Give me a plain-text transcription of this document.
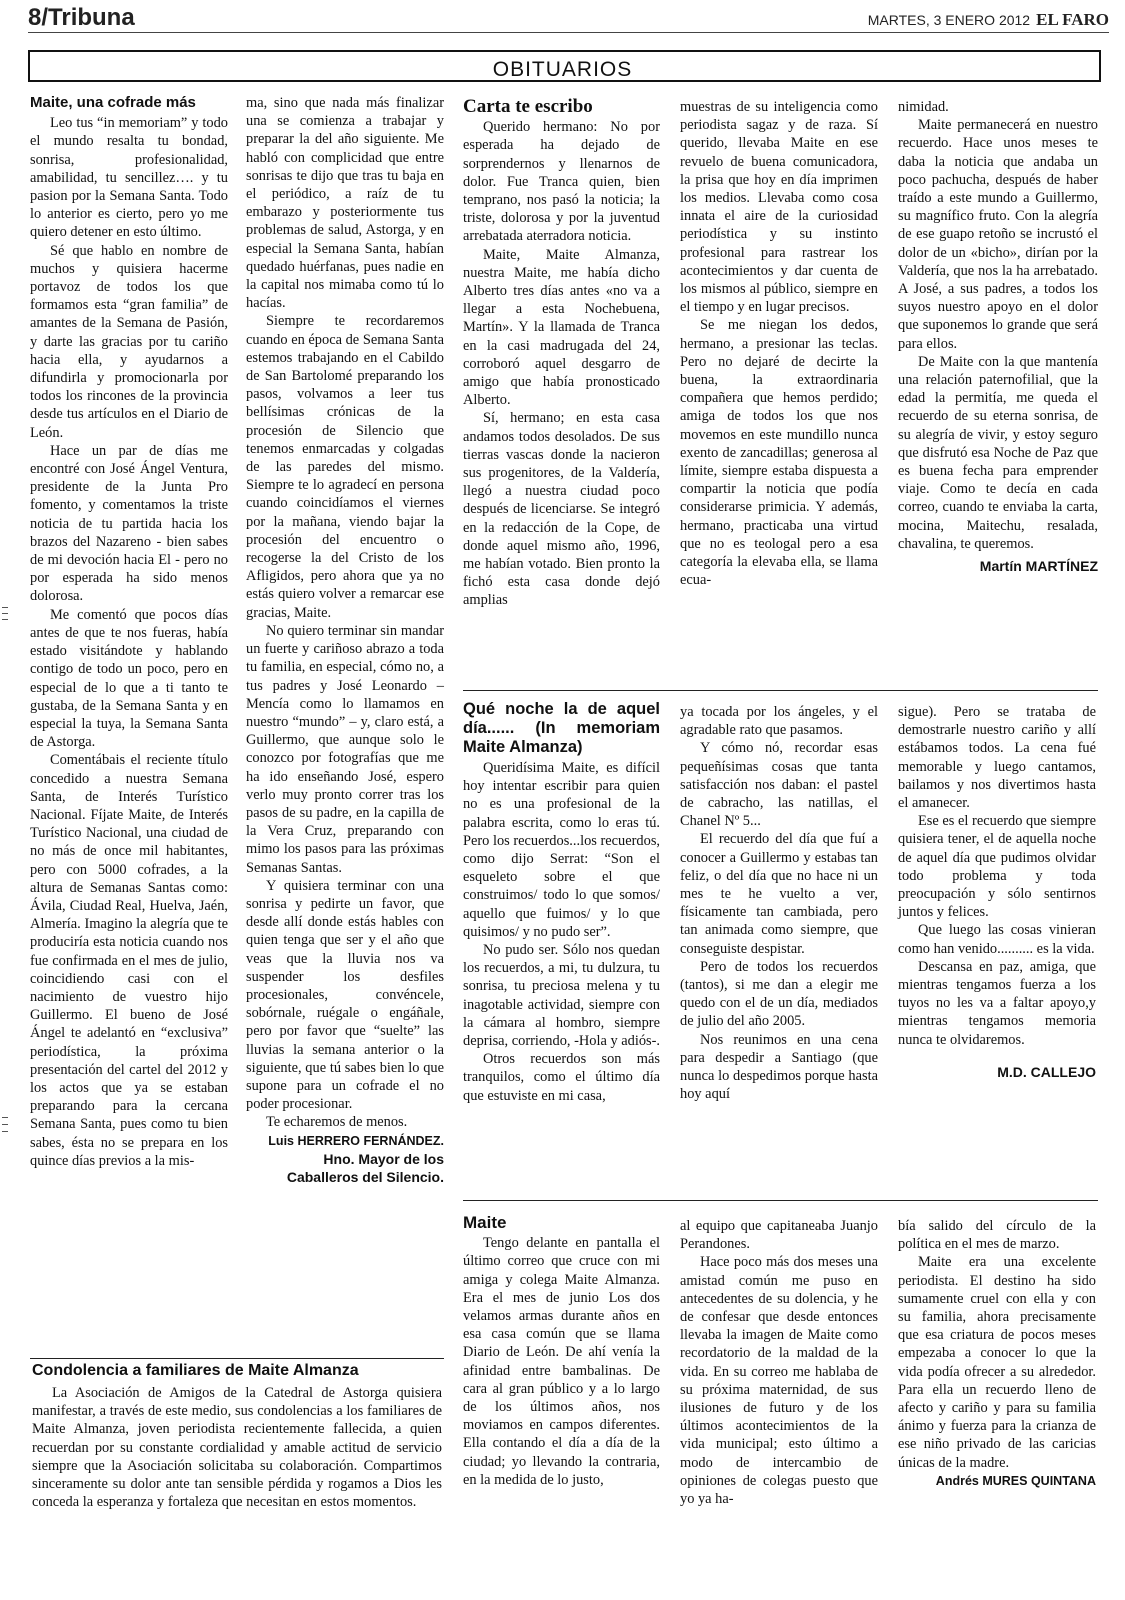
8/Tribuna	MARTES, 3 ENERO 2012 EL FARO
OBITUARIOS
Maite, una cofrade más

Leo tus “in memoriam” y todo el mundo resalta tu bondad, sonrisa, profesionalidad, amabilidad, tu sencillez…. y tu pasion por la Semana Santa. Todo lo anterior es cierto, pero yo me quiero detener en esto último.

Sé que hablo en nombre de muchos y quisiera hacerme portavoz de todos los que formamos esta “gran familia” de amantes de la Semana de Pasión, y darte las gracias por tu cariño hacia ella, y ayudarnos a difundirla y promocionarla por todos los rincones de la provincia desde tus artículos en el Diario de León.

Hace un par de días me encontré con José Ángel Ventura, presidente de la Junta Pro fomento, y comentamos la triste noticia de tu partida hacia los brazos del Nazareno - bien sabes de mi devoción hacia El - pero no por esperada ha sido menos dolorosa.

Me comentó que pocos días antes de que te nos fueras, había estado visitándote y hablando contigo de todo un poco, pero en especial de lo que a ti tanto te gustaba, de la Semana Santa y en especial la tuya, la Semana Santa de Astorga.

Comentábais el reciente título concedido a nuestra Semana Santa, de Interés Turístico Nacional. Fíjate Maite, de Interés Turístico Nacional, una ciudad de no más de once mil habitantes, pero con 5000 cofrades, a la altura de Semanas Santas como: Ávila, Ciudad Real, Huelva, Jaén, Almería. Imagino la alegría que te produciría esta noticia cuando nos fue confirmada en el mes de julio, coincidiendo casi con el nacimiento de vuestro hijo Guillermo. El bueno de José Ángel te adelantó en “exclusiva” periodística, la próxima presentación del cartel del 2012 y los actos que ya se estaban preparando para la cercana Semana Santa, pues como tu bien sabes, ésta no se prepara en los quince días previos a la mis-

ma, sino que nada más finalizar una se comienza a trabajar y preparar la del año siguiente. Me habló con complicidad que entre sonrisas te dijo que tras tu baja en el periódico, a raíz de tu embarazo y posteriormente tus problemas de salud, Astorga, y en especial la Semana Santa, habían quedado huérfanas, pues nadie en la capital nos mimaba como tú lo hacías.

Siempre te recordaremos cuando en época de Semana Santa estemos trabajando en el Cabildo de San Bartolomé preparando los pasos, volvamos a leer tus bellísimas crónicas de la procesión de Silencio que tenemos enmarcadas y colgadas de las paredes del mismo. Siempre te lo agradecí en persona cuando coincidíamos el viernes por la mañana, viendo bajar la procesión del encuentro o recogerse la del Cristo de los Afligidos, pero ahora que ya no estás quiero volver a remarcar ese gracias, Maite.

No quiero terminar sin mandar un fuerte y cariñoso abrazo a toda tu familia, en especial, cómo no, a tus padres y José Leonardo – Mencía como lo llamamos en nuestro “mundo” – y, claro está, a Guillermo, que aunque solo le conozco por fotografías que me ha ido enseñando José, espero verlo muy pronto correr tras los pasos de su padre, en la capilla de la Vera Cruz, preparando con mimo los pasos para las próximas Semanas Santas.

Y quisiera terminar con una sonrisa y pedirte un favor, que desde allí donde estás hables con quien tenga que ser y el año que veas que la lluvia nos va suspender los desfiles procesionales, convéncele, sobórnale, ruégale o engáñale, pero por favor que “suelte” las lluvias la semana anterior o la siguiente, que tú sabes bien lo que supone para un cofrade el no poder procesionar.

Te echaremos de menos.

Luis HERRERO FERNÁNDEZ.
Hno. Mayor de los
Caballeros del Silencio.
Condolencia a familiares de Maite Almanza

La Asociación de Amigos de la Catedral de Astorga quisiera manifestar, a través de este medio, sus condolencias a los familiares de Maite Almanza, joven periodista recientemente fallecida, a quien recuerdan por su constante cordialidad y amable actitud de servicio siempre que la Asociación solicitaba su colaboración. Compartimos sinceramente su dolor ante tan sensible pérdida y rogamos a Dios les conceda la esperanza y fortaleza que necesitan en estos momentos.

Carta te escribo

Querido hermano: No por esperada ha dejado de sorprendernos y llenarnos de dolor. Fue Tranca quien, bien temprano, nos pasó la noticia; la triste, dolorosa y por la juventud arrebatada aterradora noticia.

Maite, Maite Almanza, nuestra Maite, me había dicho Alberto tres días antes «no va a llegar a esta Nochebuena, Martín». Y la llamada de Tranca en la casi madrugada del 24, corroboró aquel desgarro de amigo que había pronosticado Alberto.

Sí, hermano; en esta casa andamos todos desolados. De sus tierras vascas donde la nacieron sus progenitores, de la Valdería, llegó a nuestra ciudad poco después de licenciarse. Se integró en la redacción de la Cope, de donde aquel mismo año, 1996, me habían votado. Bien pronto la fichó esta casa donde dejó amplias

muestras de su inteligencia como periodista sagaz y de raza. Sí querido, llevaba Maite en ese revuelo de buena comunicadora, la prisa que hoy en día imprimen los medios. Llevaba como cosa innata el aire de la curiosidad periodística y su instinto profesional para rastrear los acontecimientos y dar cuenta de los mismos al público, siempre en el tiempo y en lugar precisos.

Se me niegan los dedos, hermano, a presionar las teclas. Pero no dejaré de decirte la buena, la extraordinaria compañera que hemos perdido; amiga de todos los que nos movemos en este mundillo nunca exento de zancadillas; generosa al límite, siempre estaba dispuesta a compartir la noticia que podía considerarse primicia. Y además, hermano, practicaba una virtud que no es teologal pero a esa categoría la elevaba ella, se llama ecua-

nimidad.

Maite permanecerá en nuestro recuerdo. Hace unos meses te daba la noticia que andaba un poco pachucha, después de haber traído a este mundo a Guillermo, su magnífico fruto. Con la alegría de ese guapo retoño se incrustó el dolor de un «bicho», dirían por la Valdería, que nos la ha arrebatado. A José, a sus padres, a todos los suyos nuestro apoyo en el dolor que suponemos lo grande que será para ellos.

De Maite con la que mantenía una relación paternofilial, que la edad la permitía, me queda el recuerdo de su eterna sonrisa, de su alegría de vivir, y estoy seguro que disfrutó esa Noche de Paz que es buena fecha para emprender viaje. Como te decía en cada correo, cuando te enviaba la carta, mocina, Maitechu, resalada, chavalina, te queremos.

Martín MARTÍNEZ
Qué noche la de aquel día...... (In memoriam Maite Almanza)

Queridísima Maite, es difícil hoy intentar escribir para quien no es una profesional de la palabra escrita, como lo eras tú. Pero los recuerdos...los recuerdos, como dijo Serrat: “Son el esqueleto sobre el que construimos/ todo lo que somos/ aquello que fuimos/ y lo que quisimos/ y no pudo ser”.

No pudo ser. Sólo nos quedan los recuerdos, a mi, tu dulzura, tu sonrisa, tu preciosa melena y tu inagotable actividad, siempre con la cámara al hombro, siempre deprisa, corriendo, -Hola y adiós-.

Otros recuerdos son más tranquilos, como el último día que estuviste en mi casa,

ya tocada por los ángeles, y el agradable rato que pasamos.

Y cómo nó, recordar esas pequeñísimas cosas que tanta satisfacción nos daban: el pastel de cabracho, las natillas, el Chanel Nº 5...

El recuerdo del día que fuí a conocer a Guillermo y estabas tan feliz, o del día que no hace ni un mes te he vuelto a ver, físicamente tan cambiada, pero tan animada como siempre, que conseguiste despistar.

Pero de todos los recuerdos (tantos), si me dan a elegir me quedo con el de un día, mediados de julio del año 2005.

Nos reunimos en una cena para despedir a Santiago (que nunca lo despedimos porque hasta hoy aquí

sigue). Pero se trataba de demostrarle nuestro cariño y allí estábamos todos. La cena fué memorable y luego cantamos, bailamos y nos divertimos hasta el amanecer.

Ese es el recuerdo que siempre quisiera tener, el de aquella noche de aquel día que pudimos olvidar todo problema y toda preocupación y sólo sentirnos juntos y felices.

Que luego las cosas vinieran como han venido.......... es la vida.

Descansa en paz, amiga, que mientras tengamos fuerza a los tuyos no les va a faltar apoyo,y mientras tengamos memoria nunca te olvidaremos.

M.D. CALLEJO
Maite

Tengo delante en pantalla el último correo que cruce con mi amiga y colega Maite Almanza. Era el mes de junio Los dos velamos armas durante años en esa casa común que se llama Diario de León. De ahí venía la afinidad entre bambalinas. De cara al gran público y a lo largo de los últimos años, nos moviamos en campos diferentes. Ella contando el día a día de la ciudad; yo llevando la contraria, en la medida de lo justo,

al equipo que capitaneaba Juanjo Perandones.

Hace poco más dos meses una amistad común me puso en antecedentes de su dolencia, y he de confesar que desde entonces llevaba la imagen de Maite como recordatorio de la maldad de la vida. En su correo me hablaba de su próxima maternidad, de sus ilusiones de futuro y de los últimos acontecimientos de la vida municipal; esto último a modo de intercambio de opiniones de colegas puesto que yo ya ha-

bía salido del círculo de la política en el mes de marzo.

Maite era una excelente periodista. El destino ha sido sumamente cruel con ella y con su familia, ahora precisamente que esa criatura de pocos meses empezaba a conocer lo que la vida podía ofrecer a su alrededor. Para ella un recuerdo lleno de afecto y cariño y para su familia ánimo y fuerza para la crianza de ese niño privado de las caricias únicas de la madre.

Andrés MURES QUINTANA
